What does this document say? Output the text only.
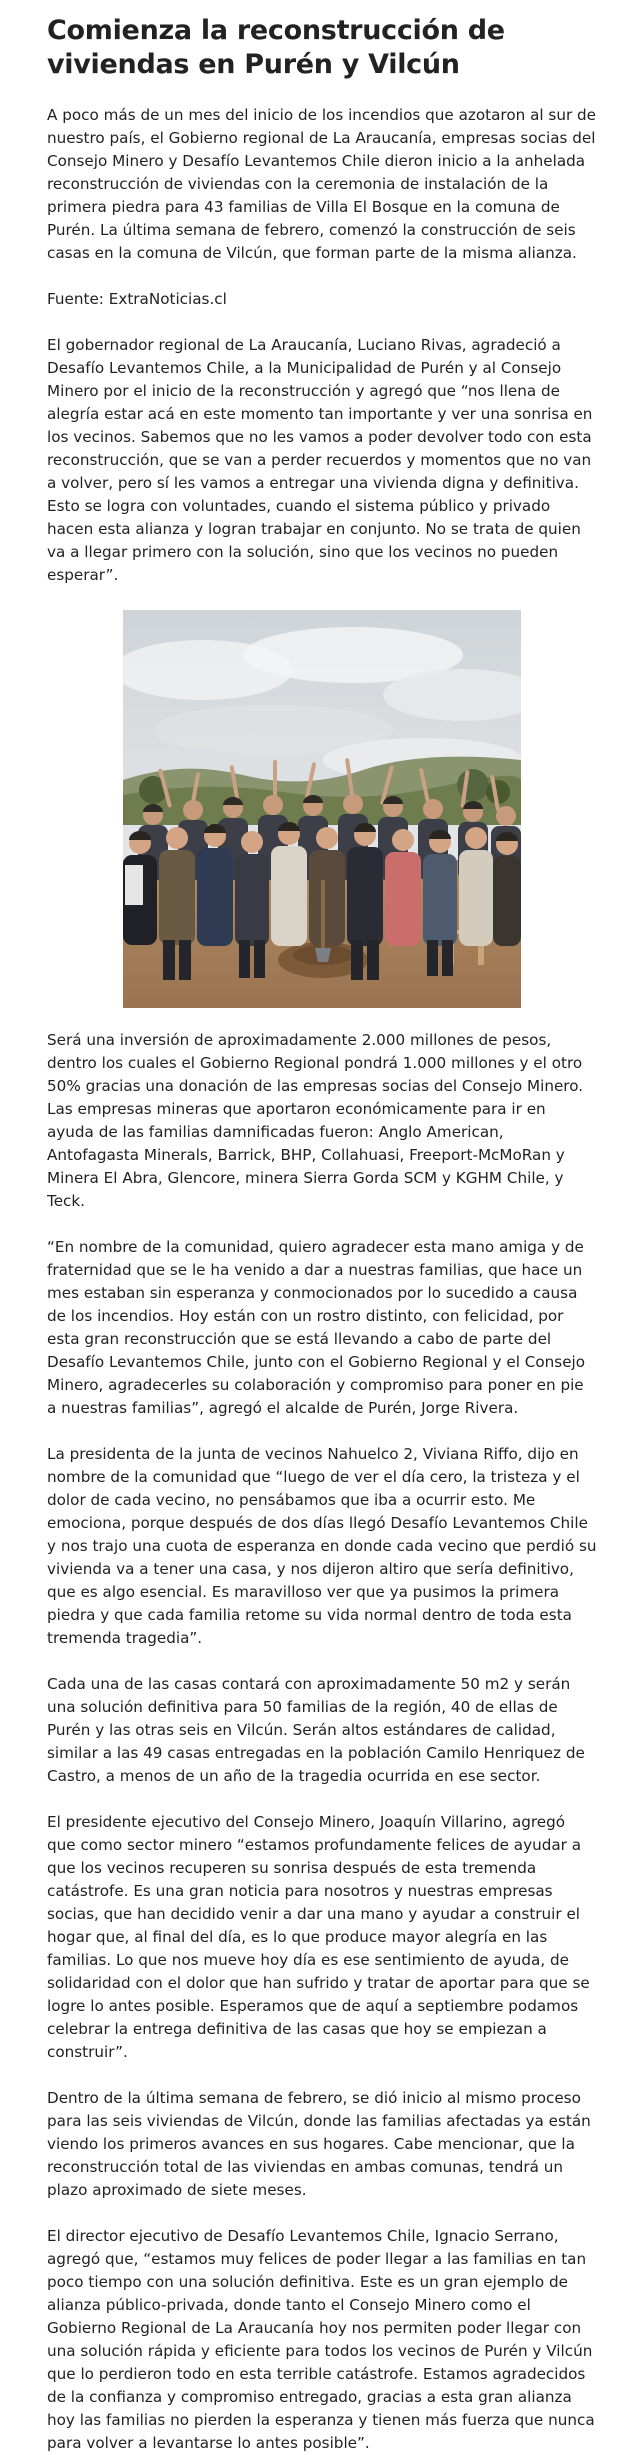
Comienza la reconstrucción de viviendas en Purén y Vilcún

A poco más de un mes del inicio de los incendios que azotaron al sur de nuestro país, el Gobierno regional de La Araucanía, empresas socias del Consejo Minero y Desafío Levantemos Chile dieron inicio a la anhelada reconstrucción de viviendas con la ceremonia de instalación de la primera piedra para 43 familias de Villa El Bosque en la comuna de Purén. La última semana de febrero, comenzó la construcción de seis casas en la comuna de Vilcún, que forman parte de la misma alianza.

Fuente: ExtraNoticias.cl

El gobernador regional de La Araucanía, Luciano Rivas, agradeció a Desafío Levantemos Chile, a la Municipalidad de Purén y al Consejo Minero por el inicio de la reconstrucción y agregó que “nos llena de alegría estar acá en este momento tan importante y ver una sonrisa en los vecinos. Sabemos que no les vamos a poder devolver todo con esta reconstrucción, que se van a perder recuerdos y momentos que no van a volver, pero sí les vamos a entregar una vivienda digna y definitiva. Esto se logra con voluntades, cuando el sistema público y privado hacen esta alianza y logran trabajar en conjunto. No se trata de quien va a llegar primero con la solución, sino que los vecinos no pueden esperar”.

Será una inversión de aproximadamente 2.000 millones de pesos, dentro los cuales el Gobierno Regional pondrá 1.000 millones y el otro 50% gracias una donación de las empresas socias del Consejo Minero. Las empresas mineras que aportaron económicamente para ir en ayuda de las familias damnificadas fueron: Anglo American, Antofagasta Minerals, Barrick, BHP, Collahuasi, Freeport-McMoRan y Minera El Abra, Glencore, minera Sierra Gorda SCM y KGHM Chile, y Teck.

“En nombre de la comunidad, quiero agradecer esta mano amiga y de fraternidad que se le ha venido a dar a nuestras familias, que hace un mes estaban sin esperanza y conmocionados por lo sucedido a causa de los incendios. Hoy están con un rostro distinto, con felicidad, por esta gran reconstrucción que se está llevando a cabo de parte del Desafío Levantemos Chile, junto con el Gobierno Regional y el Consejo Minero, agradecerles su colaboración y compromiso para poner en pie a nuestras familias”, agregó el alcalde de Purén, Jorge Rivera.

La presidenta de la junta de vecinos Nahuelco 2, Viviana Riffo, dijo en nombre de la comunidad que “luego de ver el día cero, la tristeza y el dolor de cada vecino, no pensábamos que iba a ocurrir esto. Me emociona, porque después de dos días llegó Desafío Levantemos Chile y nos trajo una cuota de esperanza en donde cada vecino que perdió su vivienda va a tener una casa, y nos dijeron altiro que sería definitivo, que es algo esencial. Es maravilloso ver que ya pusimos la primera piedra y que cada familia retome su vida normal dentro de toda esta tremenda tragedia”.

Cada una de las casas contará con aproximadamente 50 m2 y serán una solución definitiva para 50 familias de la región, 40 de ellas de Purén y las otras seis en Vilcún. Serán altos estándares de calidad, similar a las 49 casas entregadas en la población Camilo Henriquez de Castro, a menos de un año de la tragedia ocurrida en ese sector.

El presidente ejecutivo del Consejo Minero, Joaquín Villarino, agregó que como sector minero “estamos profundamente felices de ayudar a que los vecinos recuperen su sonrisa después de esta tremenda catástrofe. Es una gran noticia para nosotros y nuestras empresas socias, que han decidido venir a dar una mano y ayudar a construir el hogar que, al final del día, es lo que produce mayor alegría en las familias. Lo que nos mueve hoy día es ese sentimiento de ayuda, de solidaridad con el dolor que han sufrido y tratar de aportar para que se logre lo antes posible. Esperamos que de aquí a septiembre podamos celebrar la entrega definitiva de las casas que hoy se empiezan a construir”.

Dentro de la última semana de febrero, se dió inicio al mismo proceso para las seis viviendas de Vilcún, donde las familias afectadas ya están viendo los primeros avances en sus hogares. Cabe mencionar, que la reconstrucción total de las viviendas en ambas comunas, tendrá un plazo aproximado de siete meses.

El director ejecutivo de Desafío Levantemos Chile, Ignacio Serrano, agregó que, “estamos muy felices de poder llegar a las familias en tan poco tiempo con una solución definitiva. Este es un gran ejemplo de alianza público-privada, donde tanto el Consejo Minero como el Gobierno Regional de La Araucanía hoy nos permiten poder llegar con una solución rápida y eficiente para todos los vecinos de Purén y Vilcún que lo perdieron todo en esta terrible catástrofe. Estamos agradecidos de la confianza y compromiso entregado, gracias a esta gran alianza hoy las familias no pierden la esperanza y tienen más fuerza que nunca para volver a levantarse lo antes posible”.
